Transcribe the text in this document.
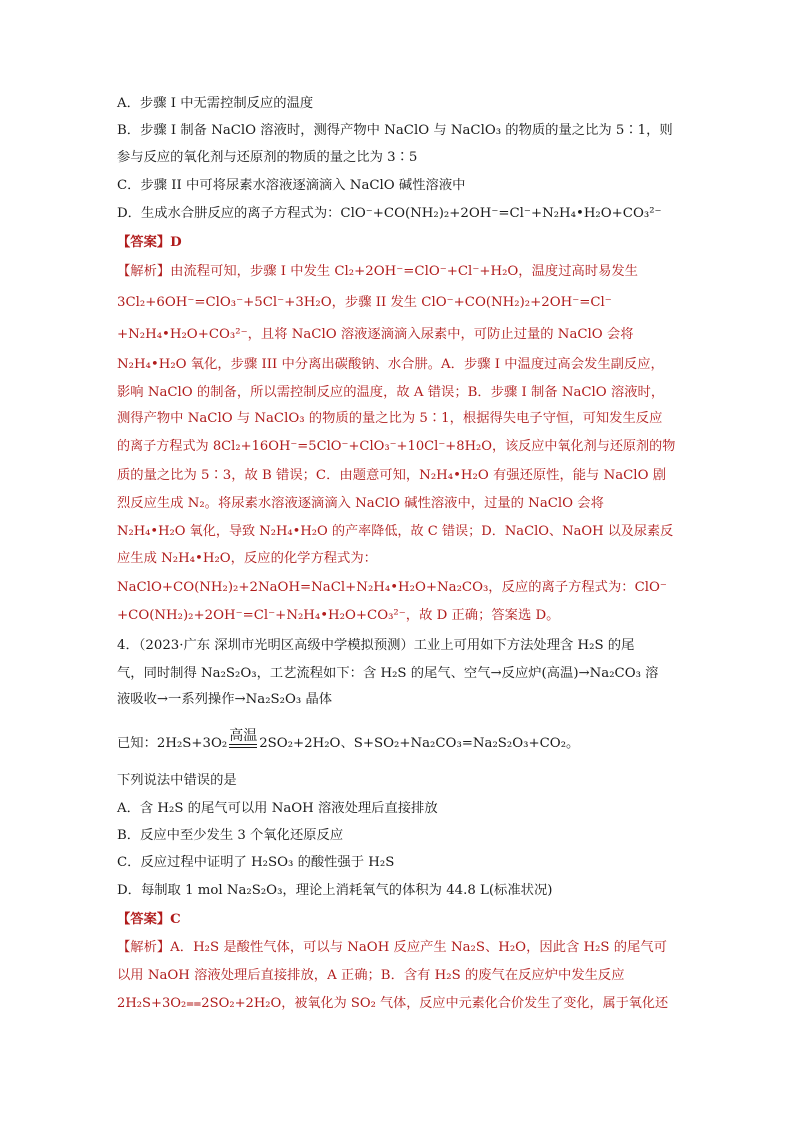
A．步骤 I 中无需控制反应的温度
B．步骤 I 制备 NaClO 溶液时，测得产物中 NaClO 与 NaClO₃ 的物质的量之比为 5∶1，则
参与反应的氧化剂与还原剂的物质的量之比为 3∶5
C．步骤 II 中可将尿素水溶液逐滴滴入 NaClO 碱性溶液中
D．生成水合肼反应的离子方程式为：ClO⁻+CO(NH₂)₂+2OH⁻=Cl⁻+N₂H₄•H₂O+CO₃²⁻
【答案】D
【解析】由流程可知，步骤 I 中发生 Cl₂+2OH⁻=ClO⁻+Cl⁻+H₂O，温度过高时易发生
3Cl₂+6OH⁻=ClO₃⁻+5Cl⁻+3H₂O，步骤 II 发生 ClO⁻+CO(NH₂)₂+2OH⁻=Cl⁻
+N₂H₄•H₂O+CO₃²⁻，且将 NaClO 溶液逐滴滴入尿素中，可防止过量的 NaClO 会将
N₂H₄•H₂O 氧化，步骤 III 中分离出碳酸钠、水合肼。A．步骤 I 中温度过高会发生副反应，
影响 NaClO 的制备，所以需控制反应的温度，故 A 错误；B．步骤 I 制备 NaClO 溶液时，
测得产物中 NaClO 与 NaClO₃ 的物质的量之比为 5∶1，根据得失电子守恒，可知发生反应
的离子方程式为 8Cl₂+16OH⁻=5ClO⁻+ClO₃⁻+10Cl⁻+8H₂O，该反应中氧化剂与还原剂的物
质的量之比为 5∶3，故 B 错误；C．由题意可知，N₂H₄•H₂O 有强还原性，能与 NaClO 剧
烈反应生成 N₂。将尿素水溶液逐滴滴入 NaClO 碱性溶液中，过量的 NaClO 会将
N₂H₄•H₂O 氧化，导致 N₂H₄•H₂O 的产率降低，故 C 错误；D．NaClO、NaOH 以及尿素反
应生成 N₂H₄•H₂O，反应的化学方程式为：
NaClO+CO(NH₂)₂+2NaOH=NaCl+N₂H₄•H₂O+Na₂CO₃，反应的离子方程式为：ClO⁻
+CO(NH₂)₂+2OH⁻=Cl⁻+N₂H₄•H₂O+CO₃²⁻，故 D 正确；答案选 D。
4．（2023·广东 深圳市光明区高级中学模拟预测）工业上可用如下方法处理含 H₂S 的尾
气，同时制得 Na₂S₂O₃，工艺流程如下：含 H₂S 的尾气、空气→反应炉(高温)→Na₂CO₃ 溶
液吸收→一系列操作→Na₂S₂O₃ 晶体
已知：2H₂S+3O₂ 高温 2SO₂+2H₂O、S+SO₂+Na₂CO₃=Na₂S₂O₃+CO₂。
下列说法中错误的是
A．含 H₂S 的尾气可以用 NaOH 溶液处理后直接排放
B．反应中至少发生 3 个氧化还原反应
C．反应过程中证明了 H₂SO₃ 的酸性强于 H₂S
D．每制取 1 mol Na₂S₂O₃，理论上消耗氧气的体积为 44.8 L(标准状况)
【答案】C
【解析】A．H₂S 是酸性气体，可以与 NaOH 反应产生 Na₂S、H₂O，因此含 H₂S 的尾气可
以用 NaOH 溶液处理后直接排放，A 正确；B．含有 H₂S 的废气在反应炉中发生反应
2H₂S+3O₂⩵2SO₂+2H₂O，被氧化为 SO₂ 气体，反应中元素化合价发生了变化，属于氧化还
